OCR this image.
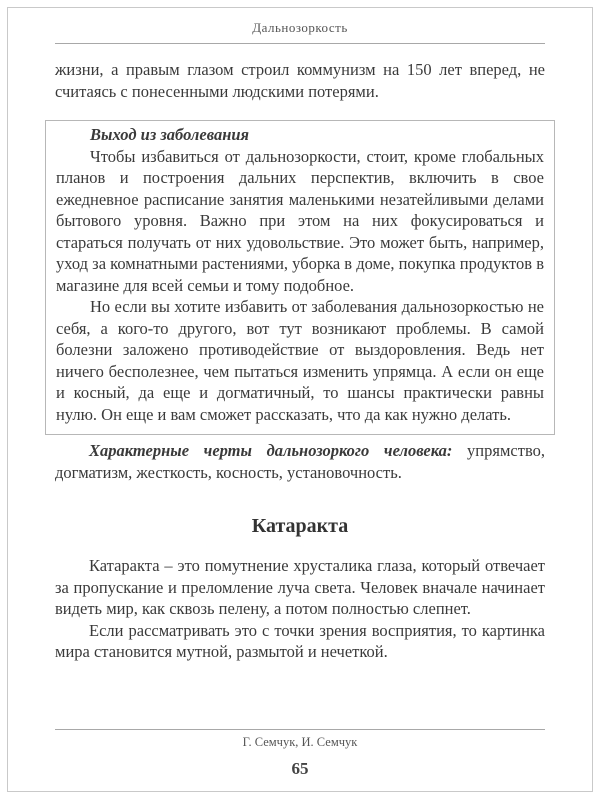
Дальнозоркость

жизни, а правым глазом строил коммунизм на 150 лет вперед, не считаясь с понесенными людскими потерями.

Выход из заболевания

Чтобы избавиться от дальнозоркости, стоит, кроме глобальных планов и построения дальних перспектив, включить в свое ежедневное расписание занятия маленькими незатейливыми делами бытового уровня. Важно при этом на них фокусироваться и стараться получать от них удовольствие. Это может быть, например, уход за комнатными растениями, уборка в доме, покупка продуктов в магазине для всей семьи и тому подобное.

Но если вы хотите избавить от заболевания дальнозоркостью не себя, а кого-то другого, вот тут возникают проблемы. В самой болезни заложено противодействие от выздоровления. Ведь нет ничего бесполезнее, чем пытаться изменить упрямца. А если он еще и косный, да еще и догматичный, то шансы практически равны нулю. Он еще и вам сможет рассказать, что да как нужно делать.

Характерные черты дальнозоркого человека: упрямство, догматизм, жесткость, косность, установочность.

Катаракта

Катаракта – это помутнение хрусталика глаза, который отвечает за пропускание и преломление луча света. Человек вначале начинает видеть мир, как сквозь пелену, а потом полностью слепнет.

Если рассматривать это с точки зрения восприятия, то картинка мира становится мутной, размытой и нечеткой.

Г. Семчук, И. Семчук
65
